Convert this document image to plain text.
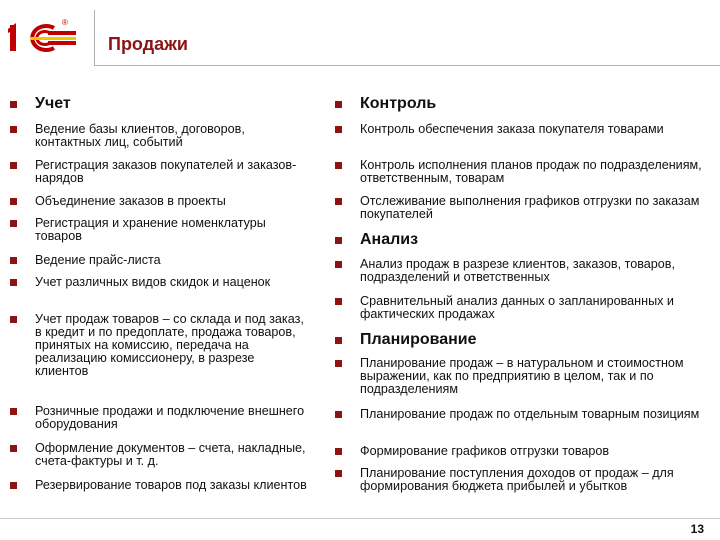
®
Продажи
Учет
Ведение базы клиентов, договоров, контактных лиц, событий
Регистрация заказов покупателей и заказов-нарядов
Объединение заказов в проекты
Регистрация и хранение номенклатуры товаров
Ведение прайс-листа
Учет различных видов скидок и наценок
Учет продаж товаров – со склада и под заказ, в кредит и по предоплате, продажа товаров, принятых на комиссию, передача на реализацию комиссионеру, в разрезе клиентов
Розничные продажи и подключение внешнего оборудования
Оформление документов – счета, накладные, счета-фактуры и т. д.
Резервирование товаров под заказы клиентов
Контроль
Контроль обеспечения заказа покупателя товарами
Контроль исполнения планов продаж по подразделениям, ответственным, товарам
Отслеживание выполнения графиков отгрузки по заказам покупателей
Анализ
Анализ продаж в разрезе клиентов, заказов, товаров, подразделений и ответственных
Сравнительный анализ данных о запланированных и фактических продажах
Планирование
Планирование продаж – в натуральном и стоимостном выражении, как по предприятию в целом, так и по подразделениям
Планирование продаж по отдельным товарным позициям
Формирование графиков отгрузки товаров
Планирование поступления доходов от продаж – для формирования бюджета прибылей и убытков
13
